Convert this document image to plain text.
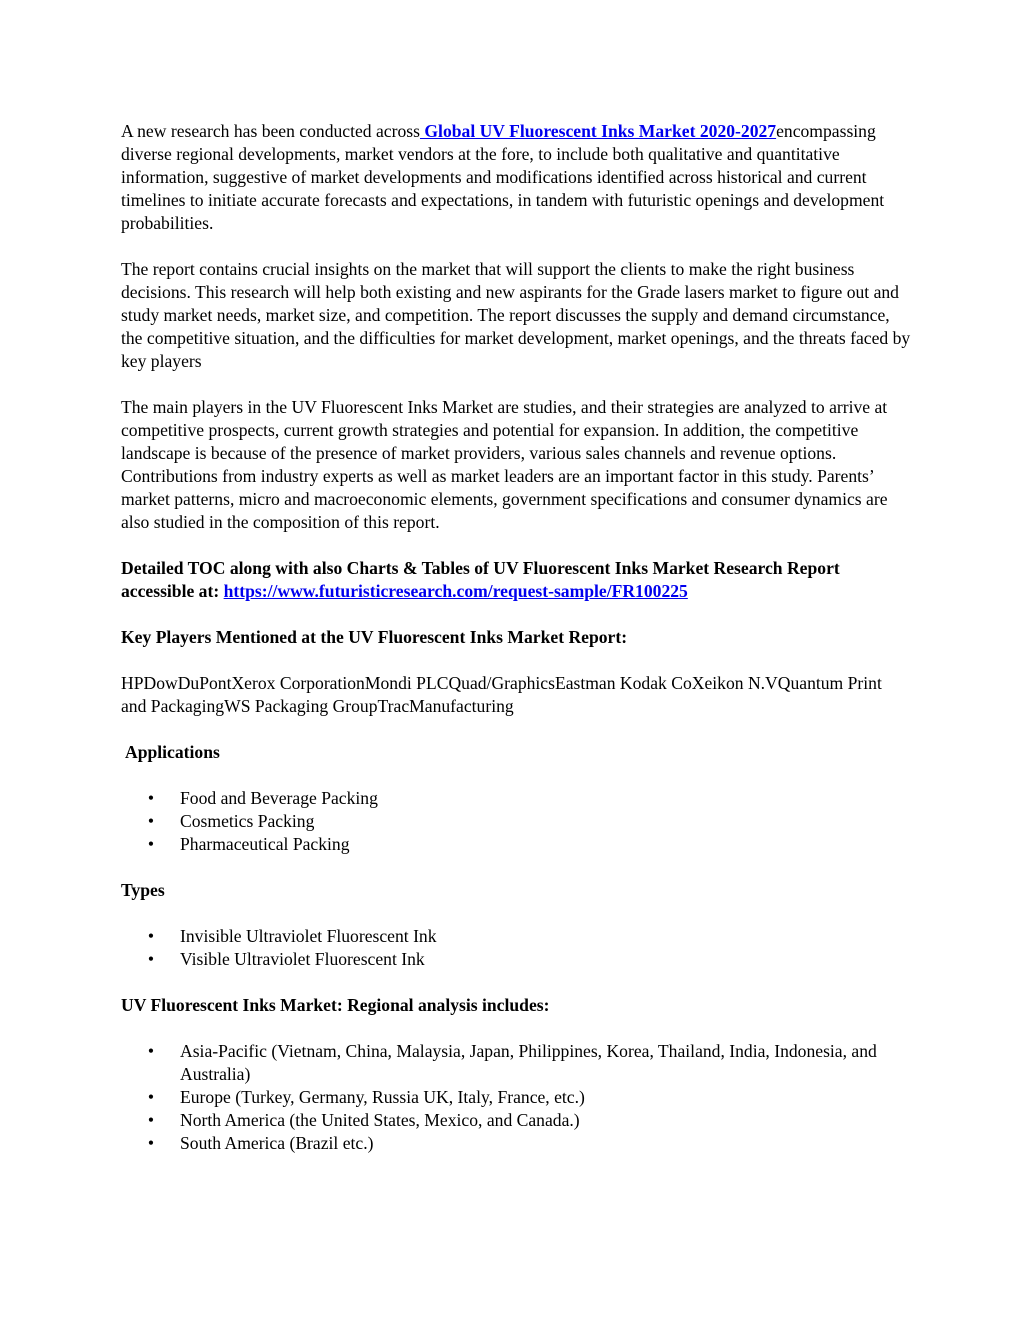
A new research has been conducted across Global UV Fluorescent Inks Market 2020-2027encompassing diverse regional developments, market vendors at the fore, to include both qualitative and quantitative information, suggestive of market developments and modifications identified across historical and current timelines to initiate accurate forecasts and expectations, in tandem with futuristic openings and development probabilities.

The report contains crucial insights on the market that will support the clients to make the right business decisions. This research will help both existing and new aspirants for the Grade lasers market to figure out and study market needs, market size, and competition. The report discusses the supply and demand circumstance, the competitive situation, and the difficulties for market development, market openings, and the threats faced by key players

The main players in the UV Fluorescent Inks Market are studies, and their strategies are analyzed to arrive at competitive prospects, current growth strategies and potential for expansion. In addition, the competitive landscape is because of the presence of market providers, various sales channels and revenue options. Contributions from industry experts as well as market leaders are an important factor in this study. Parents’ market patterns, micro and macroeconomic elements, government specifications and consumer dynamics are also studied in the composition of this report.

Detailed TOC along with also Charts & Tables of UV Fluorescent Inks Market Research Report accessible at: https://www.futuristicresearch.com/request-sample/FR100225

Key Players Mentioned at the UV Fluorescent Inks Market Report:

HPDowDuPontXerox CorporationMondi PLCQuad/GraphicsEastman Kodak CoXeikon N.VQuantum Print and PackagingWS Packaging GroupTracManufacturing

Applications
• Food and Beverage Packing
• Cosmetics Packing
• Pharmaceutical Packing
Types
• Invisible Ultraviolet Fluorescent Ink
• Visible Ultraviolet Fluorescent Ink
UV Fluorescent Inks Market: Regional analysis includes:
• Asia-Pacific (Vietnam, China, Malaysia, Japan, Philippines, Korea, Thailand, India, Indonesia, and Australia)
• Europe (Turkey, Germany, Russia UK, Italy, France, etc.)
• North America (the United States, Mexico, and Canada.)
• South America (Brazil etc.)
